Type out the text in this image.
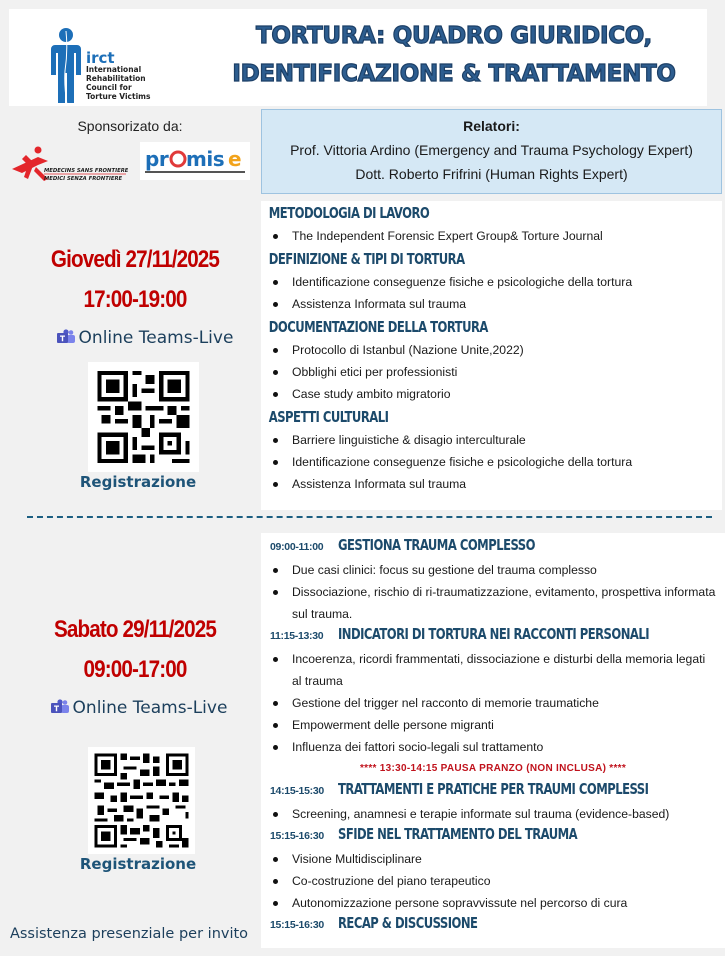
irct
International
Rehabilitation
Council for
Torture Victims
TORTURA: QUADRO GIURIDICO,
IDENTIFICAZIONE & TRATTAMENTO
Sponsorizato da:
MEDECINS SANS FRONTIERES
MEDICI SENZA FRONTIERE
pr mis e
Relatori:
Prof. Vittoria Ardino (Emergency and Trauma Psychology Expert)
Dott. Roberto Frifrini (Human Rights Expert)
Giovedì 27/11/2025
17:00-19:00
Online Teams-Live
Registrazione
METODOLOGIA DI LAVORO
The Independent Forensic Expert Group& Torture Journal
DEFINIZIONE & TIPI DI TORTURA
Identificazione conseguenze fisiche e psicologiche della tortura
Assistenza Informata sul trauma
DOCUMENTAZIONE DELLA TORTURA
Protocollo di Istanbul (Nazione Unite,2022)
Obblighi etici per professionisti
Case study ambito migratorio
ASPETTI CULTURALI
Barriere linguistiche & disagio interculturale
Identificazione conseguenze fisiche e psicologiche della tortura
Assistenza Informata sul trauma
Sabato 29/11/2025
09:00-17:00
Online Teams-Live
Registrazione
Assistenza presenziale per invito
09:00-11:00 GESTIONA TRAUMA COMPLESSO
Due casi clinici: focus su gestione del trauma complesso
Dissociazione, rischio di ri-traumatizzazione, evitamento, prospettiva informata sul trauma.
11:15-13:30 INDICATORI DI TORTURA NEI RACCONTI PERSONALI
Incoerenza, ricordi frammentati, dissociazione e disturbi della memoria legati al trauma
Gestione del trigger nel racconto di memorie traumatiche
Empowerment delle persone migranti
Influenza dei fattori socio-legali sul trattamento
**** 13:30-14:15 PAUSA PRANZO (NON INCLUSA) ****
14:15-15:30 TRATTAMENTI E PRATICHE PER TRAUMI COMPLESSI
Screening, anamnesi e terapie informate sul trauma (evidence-based)
15:15-16:30 SFIDE NEL TRATTAMENTO DEL TRAUMA
Visione Multidisciplinare
Co-costruzione del piano terapeutico
Autonomizzazione persone sopravvissute nel percorso di cura
15:15-16:30 RECAP & DISCUSSIONE
